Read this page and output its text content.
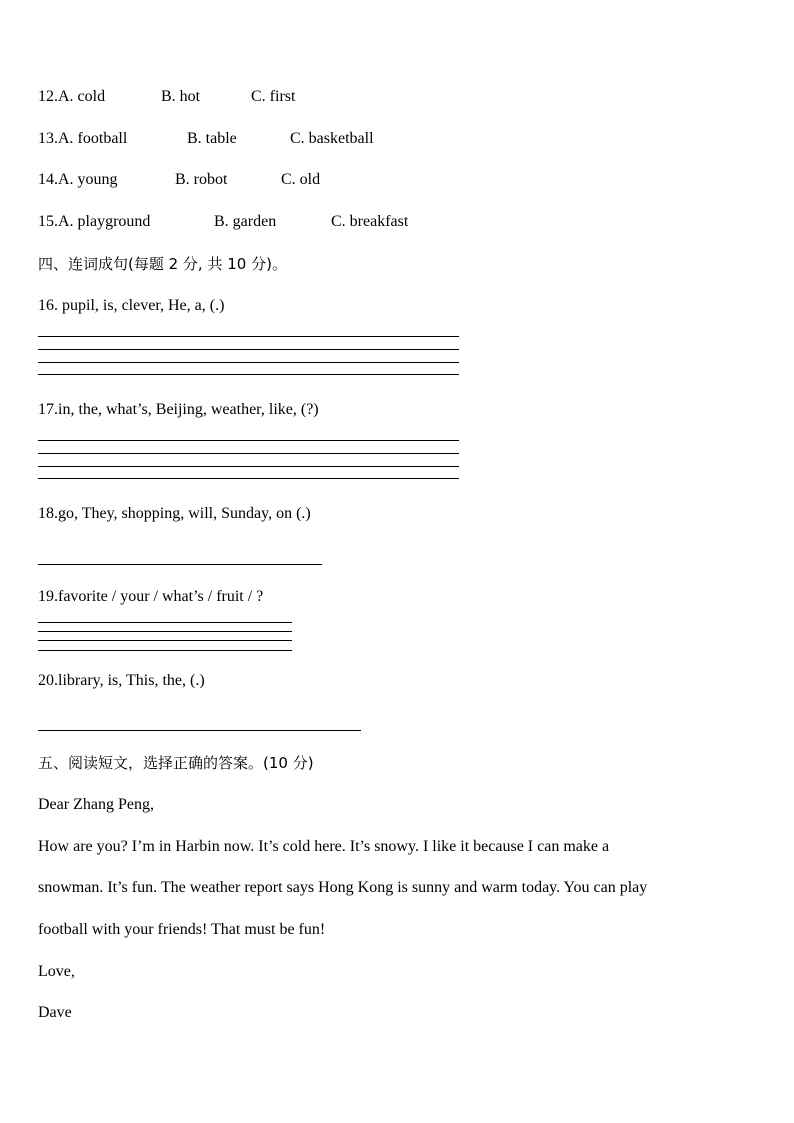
12.A. cold	B. hot	C. first
13.A. football	B. table	C. basketball
14.A. young	B. robot	C. old
15.A. playground	B. garden	C. breakfast
四、连词成句(每题 2 分, 共 10 分)。
16. pupil, is, clever, He, a, (.)
17.in, the, what’s, Beijing, weather, like, (?)
18.go, They, shopping, will, Sunday, on (.)
19.favorite / your / what’s / fruit / ?
20.library, is, This, the, (.)
五、阅读短文，选择正确的答案。(10 分)
Dear Zhang Peng,
How are you? I’m in Harbin now. It’s cold here. It’s snowy. I like it because I can make a
snowman. It’s fun. The weather report says Hong Kong is sunny and warm today. You can play
football with your friends! That must be fun!
Love,
Dave
